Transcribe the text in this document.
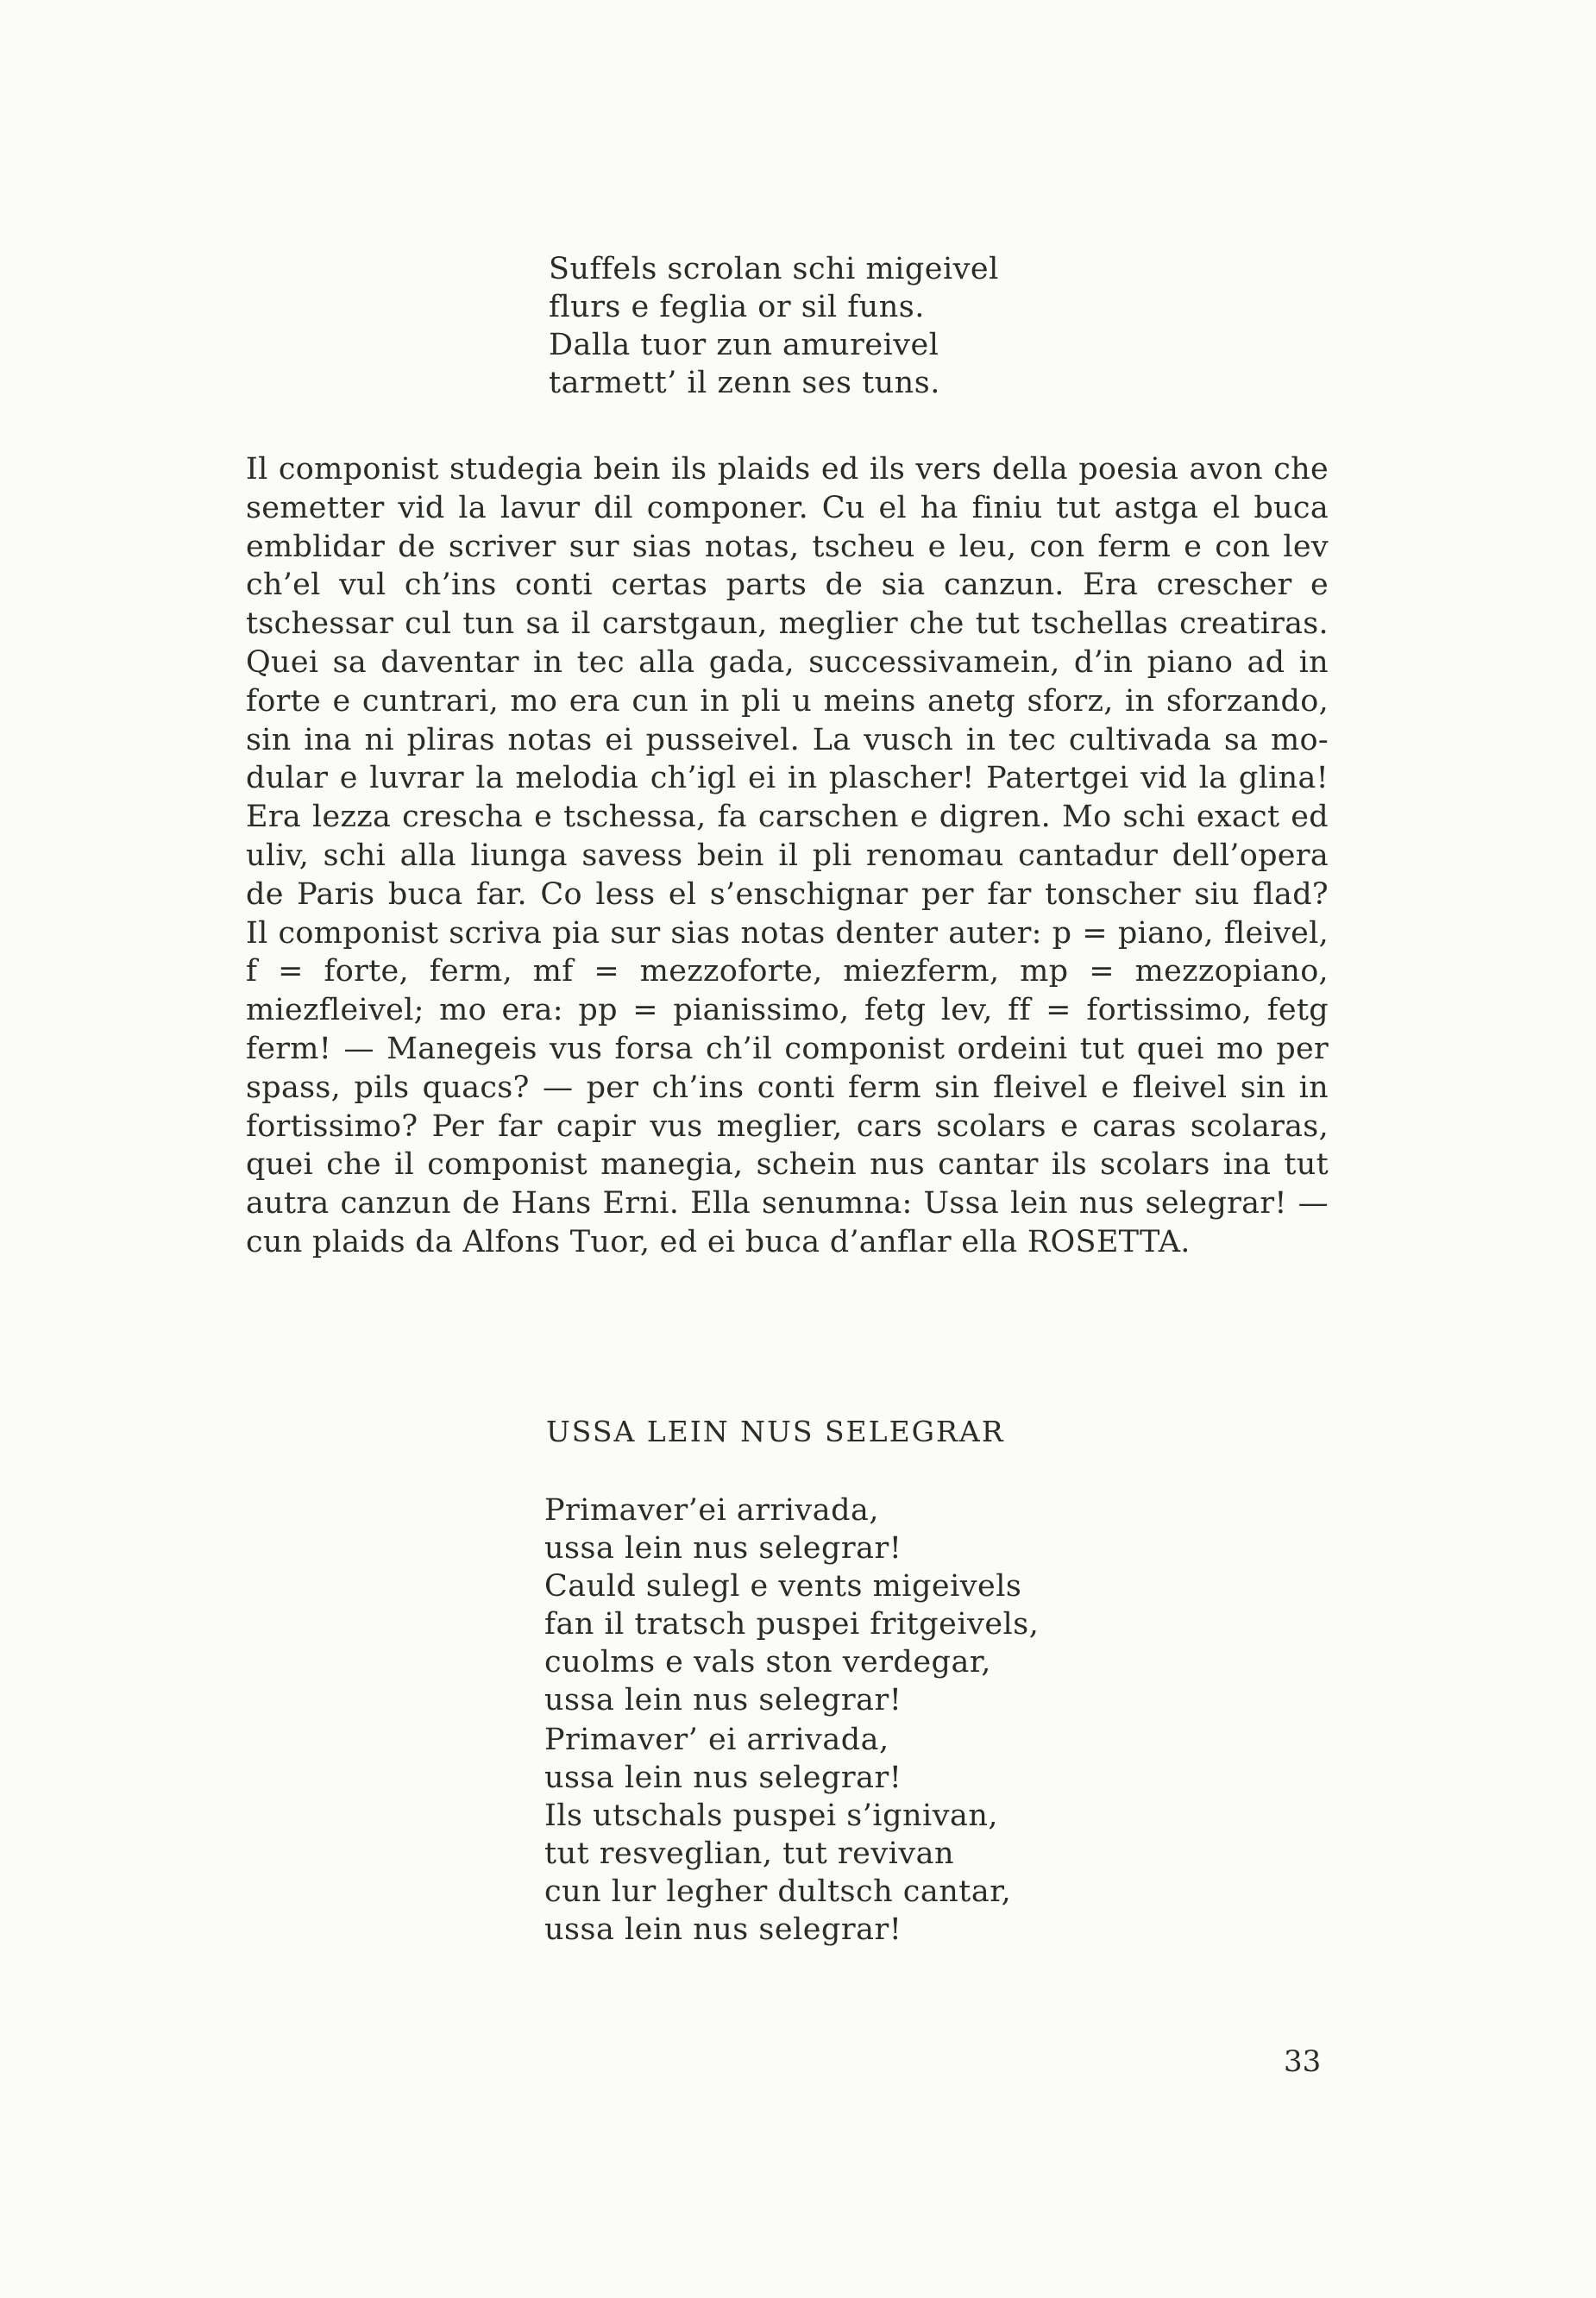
Suffels scrolan schi migeivel
flurs e feglia or sil funs.
Dalla tuor zun amureivel
tarmett’ il zenn ses tuns.
Il componist studegia bein ils plaids ed ils vers della poesia avon che
semetter vid la lavur dil componer. Cu el ha finiu tut astga el buca
emblidar de scriver sur sias notas, tscheu e leu, con ferm e con lev
ch’el vul ch’ins conti certas parts de sia canzun. Era crescher e
tschessar cul tun sa il carstgaun, meglier che tut tschellas creatiras.
Quei sa daventar in tec alla gada, successivamein, d’in piano ad in
forte e cuntrari, mo era cun in pli u meins anetg sforz, in sforzando,
sin ina ni pliras notas ei pusseivel. La vusch in tec cultivada sa mo-
dular e luvrar la melodia ch’igl ei in plascher! Patertgei vid la glina!
Era lezza crescha e tschessa, fa carschen e digren. Mo schi exact ed
uliv, schi alla liunga savess bein il pli renomau cantadur dell’opera
de Paris buca far. Co less el s’enschignar per far tonscher siu flad?
Il componist scriva pia sur sias notas denter auter: p = piano, fleivel,
f = forte, ferm, mf = mezzoforte, miezferm, mp = mezzopiano,
miezfleivel; mo era: pp = pianissimo, fetg lev, ff = fortissimo, fetg
ferm! — Manegeis vus forsa ch’il componist ordeini tut quei mo per
spass, pils quacs? — per ch’ins conti ferm sin fleivel e fleivel sin in
fortissimo? Per far capir vus meglier, cars scolars e caras scolaras,
quei che il componist manegia, schein nus cantar ils scolars ina tut
autra canzun de Hans Erni. Ella senumna: Ussa lein nus selegrar! —
cun plaids da Alfons Tuor, ed ei buca d’anflar ella ROSETTA.
USSA LEIN NUS SELEGRAR
Primaver’ei arrivada,
ussa lein nus selegrar!
Cauld sulegl e vents migeivels
fan il tratsch puspei fritgeivels,
cuolms e vals ston verdegar,
ussa lein nus selegrar!
Primaver’ ei arrivada,
ussa lein nus selegrar!
Ils utschals puspei s’ignivan,
tut resveglian, tut revivan
cun lur legher dultsch cantar,
ussa lein nus selegrar!
33
